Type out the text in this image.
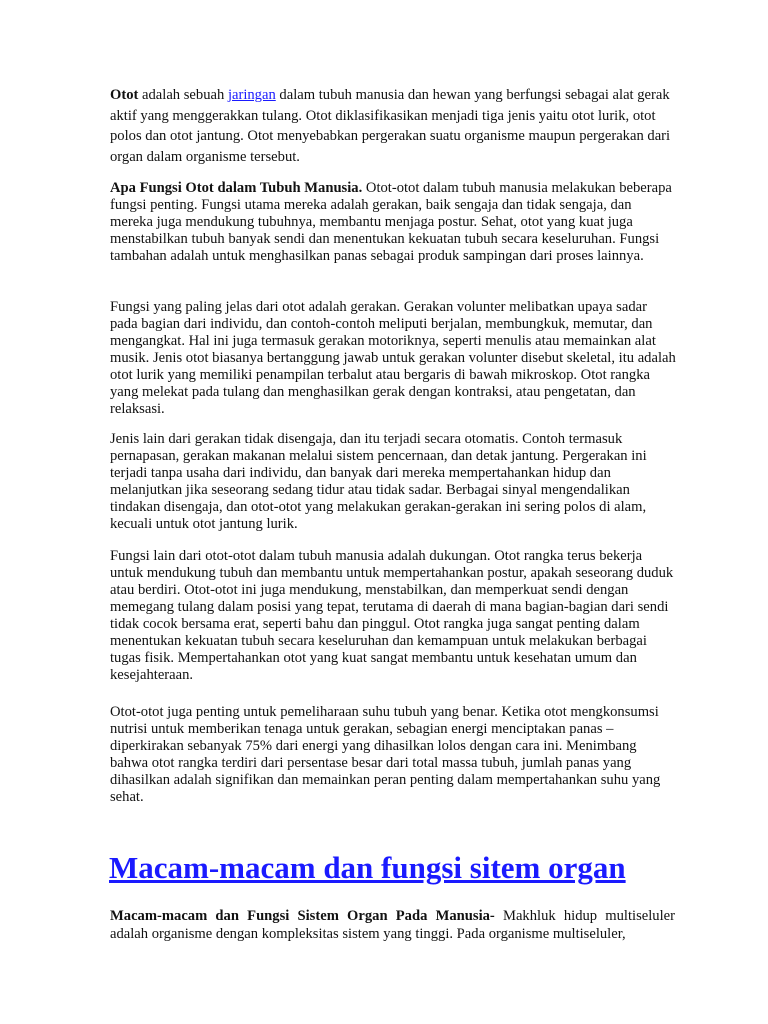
Otot adalah sebuah jaringan dalam tubuh manusia dan hewan yang berfungsi sebagai alat gerak aktif yang menggerakkan tulang. Otot diklasifikasikan menjadi tiga jenis yaitu otot lurik, otot polos dan otot jantung. Otot menyebabkan pergerakan suatu organisme maupun pergerakan dari organ dalam organisme tersebut.

Apa Fungsi Otot dalam Tubuh Manusia. Otot-otot dalam tubuh manusia melakukan beberapa fungsi penting. Fungsi utama mereka adalah gerakan, baik sengaja dan tidak sengaja, dan mereka juga mendukung tubuhnya, membantu menjaga postur. Sehat, otot yang kuat juga menstabilkan tubuh banyak sendi dan menentukan kekuatan tubuh secara keseluruhan. Fungsi tambahan adalah untuk menghasilkan panas sebagai produk sampingan dari proses lainnya.

Fungsi yang paling jelas dari otot adalah gerakan. Gerakan volunter melibatkan upaya sadar pada bagian dari individu, dan contoh-contoh meliputi berjalan, membungkuk, memutar, dan mengangkat. Hal ini juga termasuk gerakan motoriknya, seperti menulis atau memainkan alat musik. Jenis otot biasanya bertanggung jawab untuk gerakan volunter disebut skeletal, itu adalah otot lurik yang memiliki penampilan terbalut atau bergaris di bawah mikroskop. Otot rangka yang melekat pada tulang dan menghasilkan gerak dengan kontraksi, atau pengetatan, dan relaksasi.

Jenis lain dari gerakan tidak disengaja, dan itu terjadi secara otomatis. Contoh termasuk pernapasan, gerakan makanan melalui sistem pencernaan, dan detak jantung. Pergerakan ini terjadi tanpa usaha dari individu, dan banyak dari mereka mempertahankan hidup dan melanjutkan jika seseorang sedang tidur atau tidak sadar. Berbagai sinyal mengendalikan tindakan disengaja, dan otot-otot yang melakukan gerakan-gerakan ini sering polos di alam, kecuali untuk otot jantung lurik.

Fungsi lain dari otot-otot dalam tubuh manusia adalah dukungan. Otot rangka terus bekerja untuk mendukung tubuh dan membantu untuk mempertahankan postur, apakah seseorang duduk atau berdiri. Otot-otot ini juga mendukung, menstabilkan, dan memperkuat sendi dengan memegang tulang dalam posisi yang tepat, terutama di daerah di mana bagian-bagian dari sendi tidak cocok bersama erat, seperti bahu dan pinggul. Otot rangka juga sangat penting dalam menentukan kekuatan tubuh secara keseluruhan dan kemampuan untuk melakukan berbagai tugas fisik. Mempertahankan otot yang kuat sangat membantu untuk kesehatan umum dan kesejahteraan.

Otot-otot juga penting untuk pemeliharaan suhu tubuh yang benar. Ketika otot mengkonsumsi nutrisi untuk memberikan tenaga untuk gerakan, sebagian energi menciptakan panas – diperkirakan sebanyak 75% dari energi yang dihasilkan lolos dengan cara ini. Menimbang bahwa otot rangka terdiri dari persentase besar dari total massa tubuh, jumlah panas yang dihasilkan adalah signifikan dan memainkan peran penting dalam mempertahankan suhu yang sehat.

Macam-macam dan fungsi sitem organ

Macam-macam dan Fungsi Sistem Organ Pada Manusia- Makhluk hidup multiseluler adalah organisme dengan kompleksitas sistem yang tinggi. Pada organisme multiseluler,
